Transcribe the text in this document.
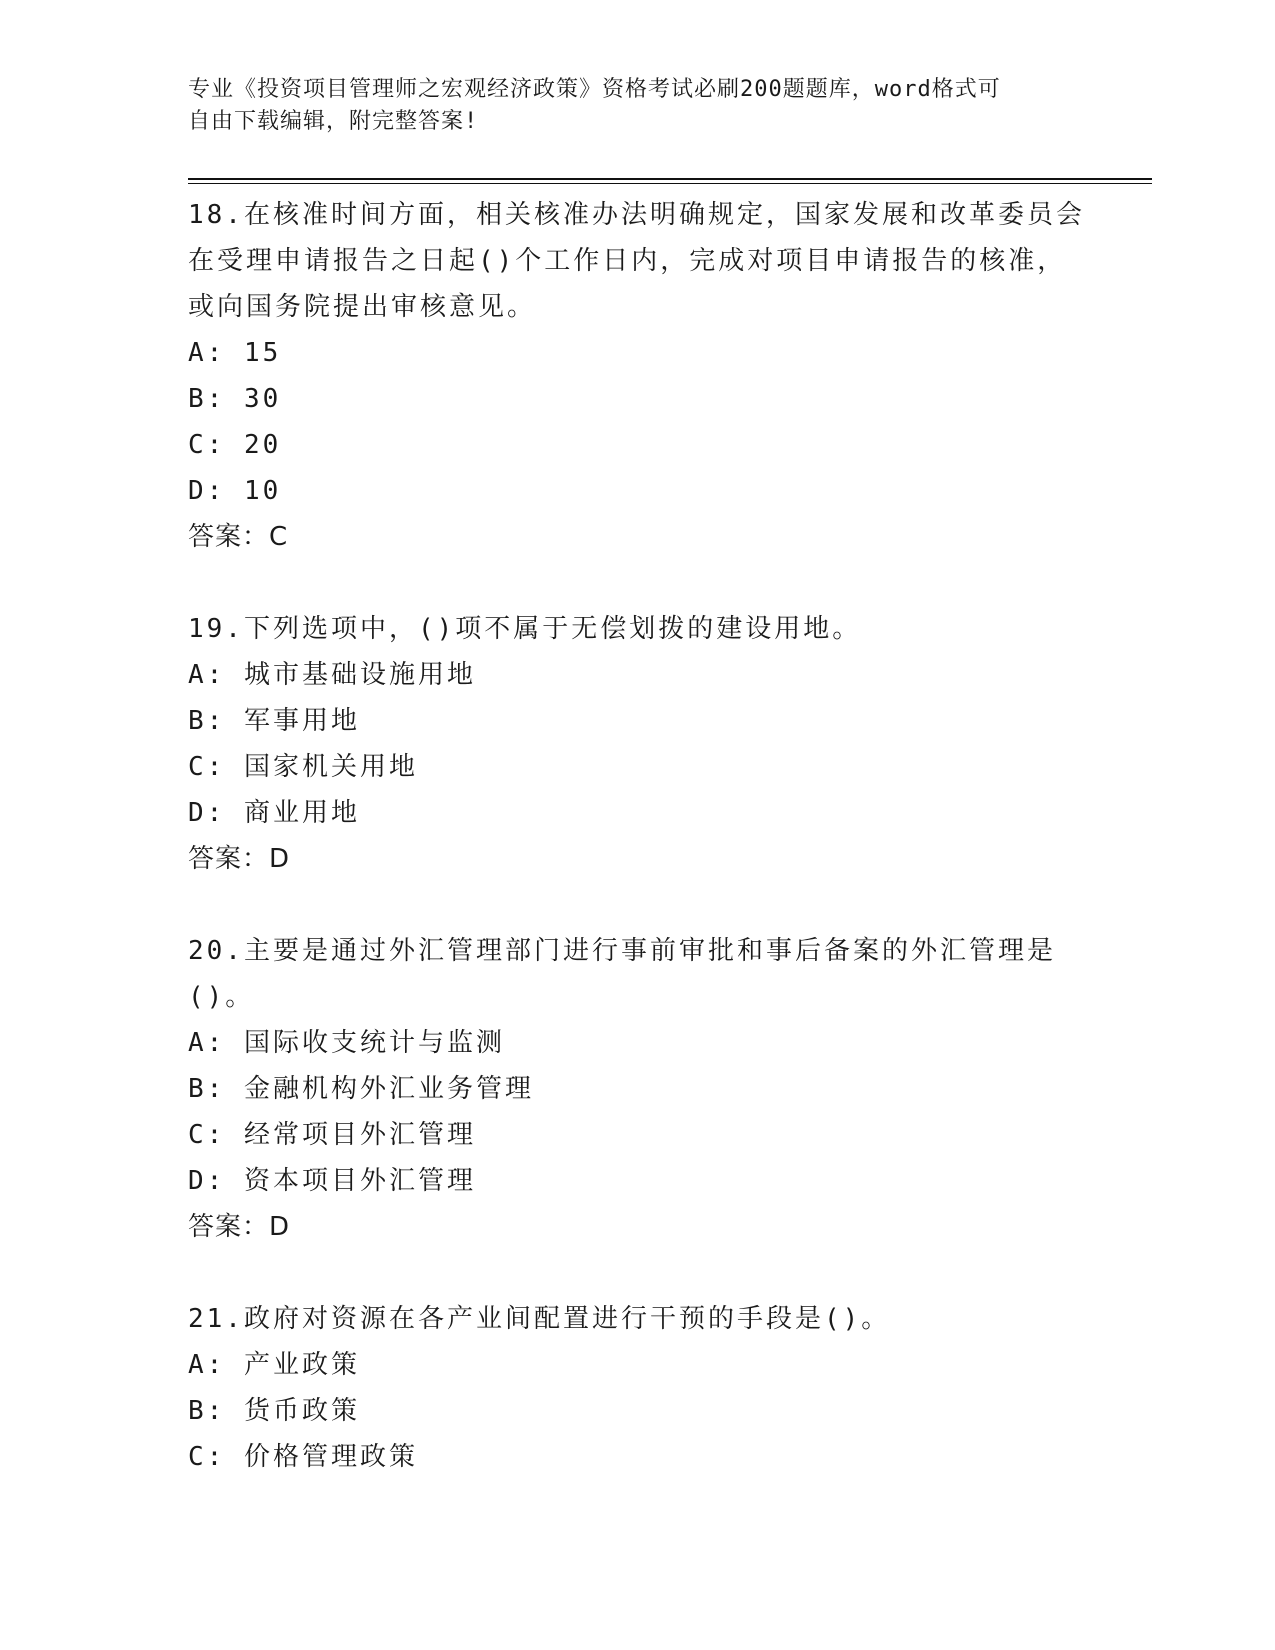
专业《投资项目管理师之宏观经济政策》资格考试必刷200题题库，word格式可
自由下载编辑，附完整答案!

18.在核准时间方面，相关核准办法明确规定，国家发展和改革委员会在受理申请报告之日起()个工作日内，完成对项目申请报告的核准，或向国务院提出审核意见。

A: 15

B: 30

C: 20

D: 10

答案：C

19.下列选项中，()项不属于无偿划拨的建设用地。

A: 城市基础设施用地

B: 军事用地

C: 国家机关用地

D: 商业用地

答案：D

20.主要是通过外汇管理部门进行事前审批和事后备案的外汇管理是()。

A: 国际收支统计与监测

B: 金融机构外汇业务管理

C: 经常项目外汇管理

D: 资本项目外汇管理

答案：D

21.政府对资源在各产业间配置进行干预的手段是()。

A: 产业政策

B: 货币政策

C: 价格管理政策
